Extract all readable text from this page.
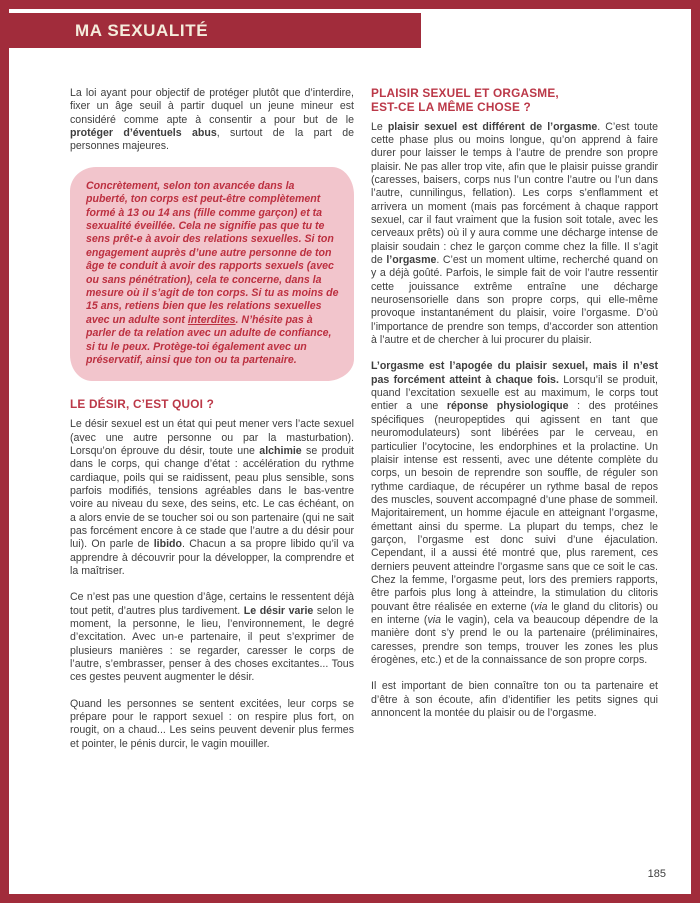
MA SEXUALITÉ

La loi ayant pour objectif de protéger plutôt que d’interdire, fixer un âge seuil à partir duquel un jeune mineur est considéré comme apte à consentir a pour but de le protéger d’éventuels abus, surtout de la part de personnes majeures.

Concrètement, selon ton avancée dans la puberté, ton corps est peut-être complètement formé à 13 ou 14 ans (fille comme garçon) et ta sexualité éveillée. Cela ne signifie pas que tu te sens prêt-e à avoir des relations sexuelles. Si ton engagement auprès d’une autre personne de ton âge te conduit à avoir des rapports sexuels (avec ou sans pénétration), cela te concerne, dans la mesure où il s’agit de ton corps. Si tu as moins de 15 ans, retiens bien que les relations sexuelles avec un adulte sont interdites. N’hésite pas à parler de ta relation avec un adulte de confiance, si tu le peux. Protège-toi également avec un préservatif, ainsi que ton ou ta partenaire.

LE DÉSIR, C’EST QUOI ?

Le désir sexuel est un état qui peut mener vers l’acte sexuel (avec une autre personne ou par la masturbation). Lorsqu’on éprouve du désir, toute une alchimie se produit dans le corps, qui change d’état : accélération du rythme cardiaque, poils qui se raidissent, peau plus sensible, sons parfois modifiés, tensions agréables dans le bas-ventre voire au niveau du sexe, des seins, etc. Le cas échéant, on a alors envie de se toucher soi ou son partenaire (qui ne sait pas forcément encore à ce stade que l’autre a du désir pour lui). On parle de libido. Chacun a sa propre libido qu’il va apprendre à découvrir pour la développer, la comprendre et la maîtriser.

Ce n’est pas une question d’âge, certains le ressentent déjà tout petit, d’autres plus tardivement. Le désir varie selon le moment, la personne, le lieu, l’environnement, le degré d’excitation. Avec un-e partenaire, il peut s’exprimer de plusieurs manières : se regarder, caresser le corps de l’autre, s’embrasser, penser à des choses excitantes... Tous ces gestes peuvent augmenter le désir.

Quand les personnes se sentent excitées, leur corps se prépare pour le rapport sexuel : on respire plus fort, on rougit, on a chaud... Les seins peuvent devenir plus fermes et pointer, le pénis durcir, le vagin mouiller.

PLAISIR SEXUEL ET ORGASME,
EST-CE LA MÊME CHOSE ?

Le plaisir sexuel est différent de l’orgasme. C’est toute cette phase plus ou moins longue, qu’on apprend à faire durer pour laisser le temps à l’autre de prendre son propre plaisir. Ne pas aller trop vite, afin que le plaisir puisse grandir (caresses, baisers, corps nus l’un contre l’autre ou l’un dans l’autre, cunnilingus, fellation). Les corps s’enflamment et arrivera un moment (mais pas forcément à chaque rapport sexuel, car il faut vraiment que la fusion soit totale, avec les cerveaux prêts) où il y aura comme une décharge intense de plaisir soudain : chez le garçon comme chez la fille. Il s’agit de l’orgasme. C’est un moment ultime, recherché quand on y a déjà goûté. Parfois, le simple fait de voir l’autre ressentir cette jouissance extrême entraîne une décharge neurosensorielle dans son propre corps, qui elle-même provoque instantanément du plaisir, voire l’orgasme. D’où l’importance de prendre son temps, d’accorder son attention à l’autre et de chercher à lui procurer du plaisir.

L’orgasme est l’apogée du plaisir sexuel, mais il n’est pas forcément atteint à chaque fois. Lorsqu’il se produit, quand l’excitation sexuelle est au maximum, le corps tout entier a une réponse physiologique : des protéines spécifiques (neuropeptides qui agissent en tant que neuromodulateurs) sont libérées par le cerveau, en particulier l’ocytocine, les endorphines et la prolactine. Un plaisir intense est ressenti, avec une détente complète du corps, un besoin de reprendre son souffle, de réguler son rythme cardiaque, de récupérer un rythme basal de repos des muscles, souvent accompagné d’une phase de sommeil. Majoritairement, un homme éjacule en atteignant l’orgasme, émettant ainsi du sperme. La plupart du temps, chez le garçon, l’orgasme est donc suivi d’une éjaculation. Cependant, il a aussi été montré que, plus rarement, ces derniers peuvent atteindre l’orgasme sans que ce soit le cas. Chez la femme, l’orgasme peut, lors des premiers rapports, être parfois plus long à atteindre, la stimulation du clitoris pouvant être réalisée en externe (via le gland du clitoris) ou en interne (via le vagin), cela va beaucoup dépendre de la manière dont s’y prend le ou la partenaire (préliminaires, caresses, prendre son temps, trouver les zones les plus érogènes, etc.) et de la connaissance de son propre corps.

Il est important de bien connaître ton ou ta partenaire et d’être à son écoute, afin d’identifier les petits signes qui annoncent la montée du plaisir ou de l’orgasme.

185
